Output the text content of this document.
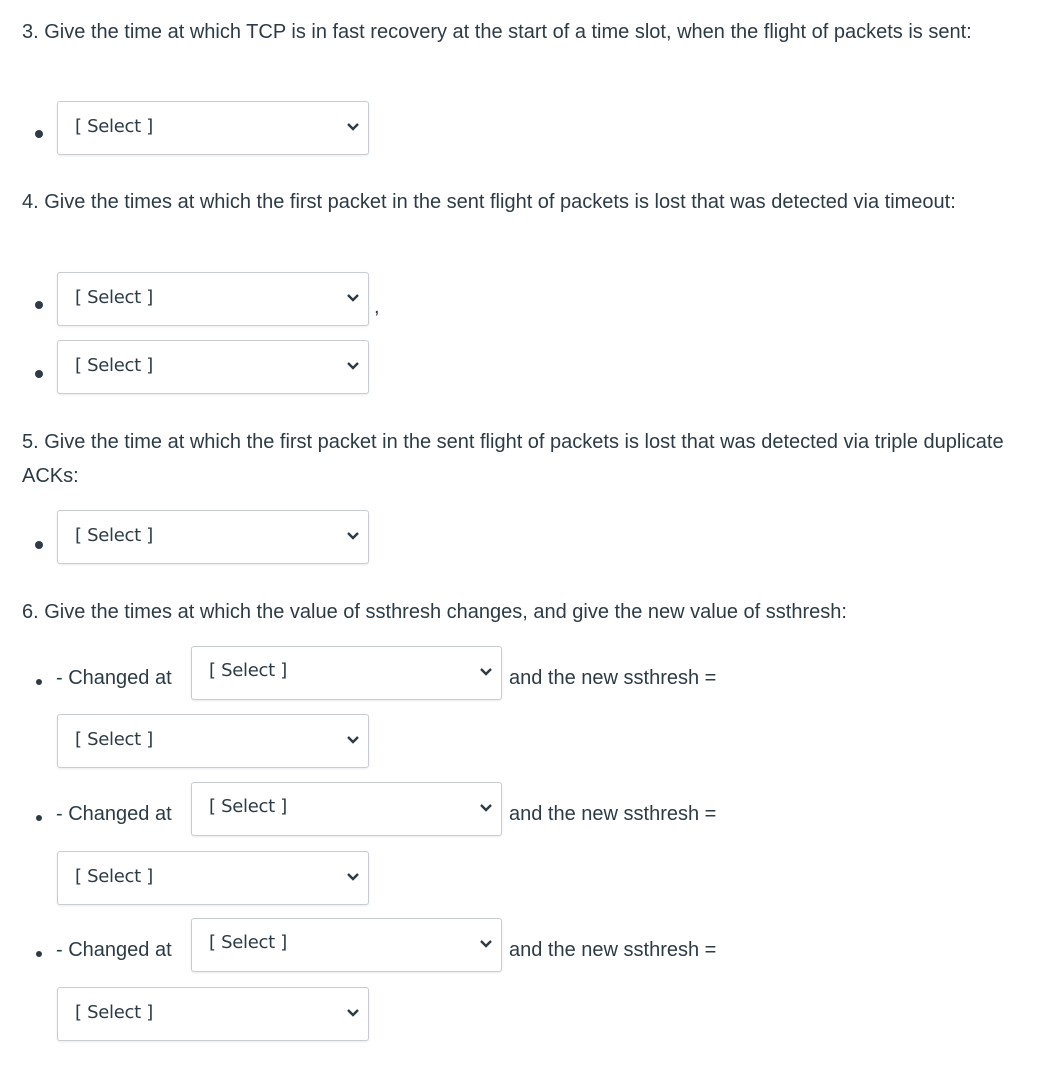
3. Give the time at which TCP is in fast recovery at the start of a time slot, when the flight of packets is sent:

[ Select ]

4. Give the times at which the first packet in the sent flight of packets is lost that was detected via timeout:

[ Select ]	,
[ Select ]

5. Give the time at which the first packet in the sent flight of packets is lost that was detected via triple duplicate ACKs:

[ Select ]

6. Give the times at which the value of ssthresh changes, and give the new value of ssthresh:

- Changed at [ Select ]	and the new ssthresh =
[ Select ]
- Changed at [ Select ]	and the new ssthresh =
[ Select ]
- Changed at [ Select ]	and the new ssthresh =
[ Select ]
